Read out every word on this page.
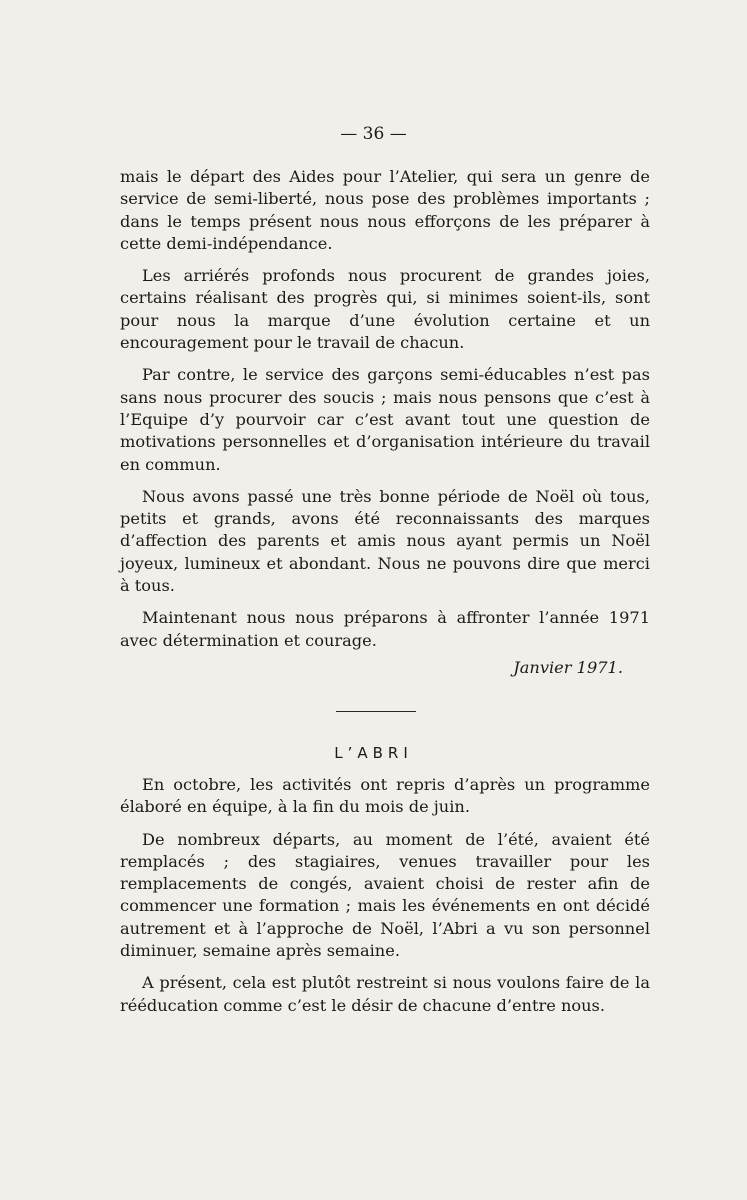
— 36 —

mais le départ des Aides pour l’Atelier, qui sera un genre de service de semi-liberté, nous pose des problèmes importants ; dans le temps présent nous nous efforçons de les préparer à cette demi-indépendance.

Les arriérés profonds nous procurent de grandes joies, certains réalisant des progrès qui, si minimes soient-ils, sont pour nous la marque d’une évolution certaine et un encouragement pour le travail de chacun.

Par contre, le service des garçons semi-éducables n’est pas sans nous procurer des soucis ; mais nous pensons que c’est à l’Equipe d’y pourvoir car c’est avant tout une question de motivations personnelles et d’organisation intérieure du travail en commun.

Nous avons passé une très bonne période de Noël où tous, petits et grands, avons été reconnaissants des marques d’affection des parents et amis nous ayant permis un Noël joyeux, lumineux et abondant. Nous ne pouvons dire que merci à tous.

Maintenant nous nous préparons à affronter l’année 1971 avec détermination et courage.

Janvier 1971.
L’ABRI

En octobre, les activités ont repris d’après un programme élaboré en équipe, à la fin du mois de juin.

De nombreux départs, au moment de l’été, avaient été remplacés ; des stagiaires, venues travailler pour les remplacements de congés, avaient choisi de rester afin de commencer une formation ; mais les événements en ont décidé autrement et à l’approche de Noël, l’Abri a vu son personnel diminuer, semaine après semaine.

A présent, cela est plutôt restreint si nous voulons faire de la rééducation comme c’est le désir de chacune d’entre nous.
